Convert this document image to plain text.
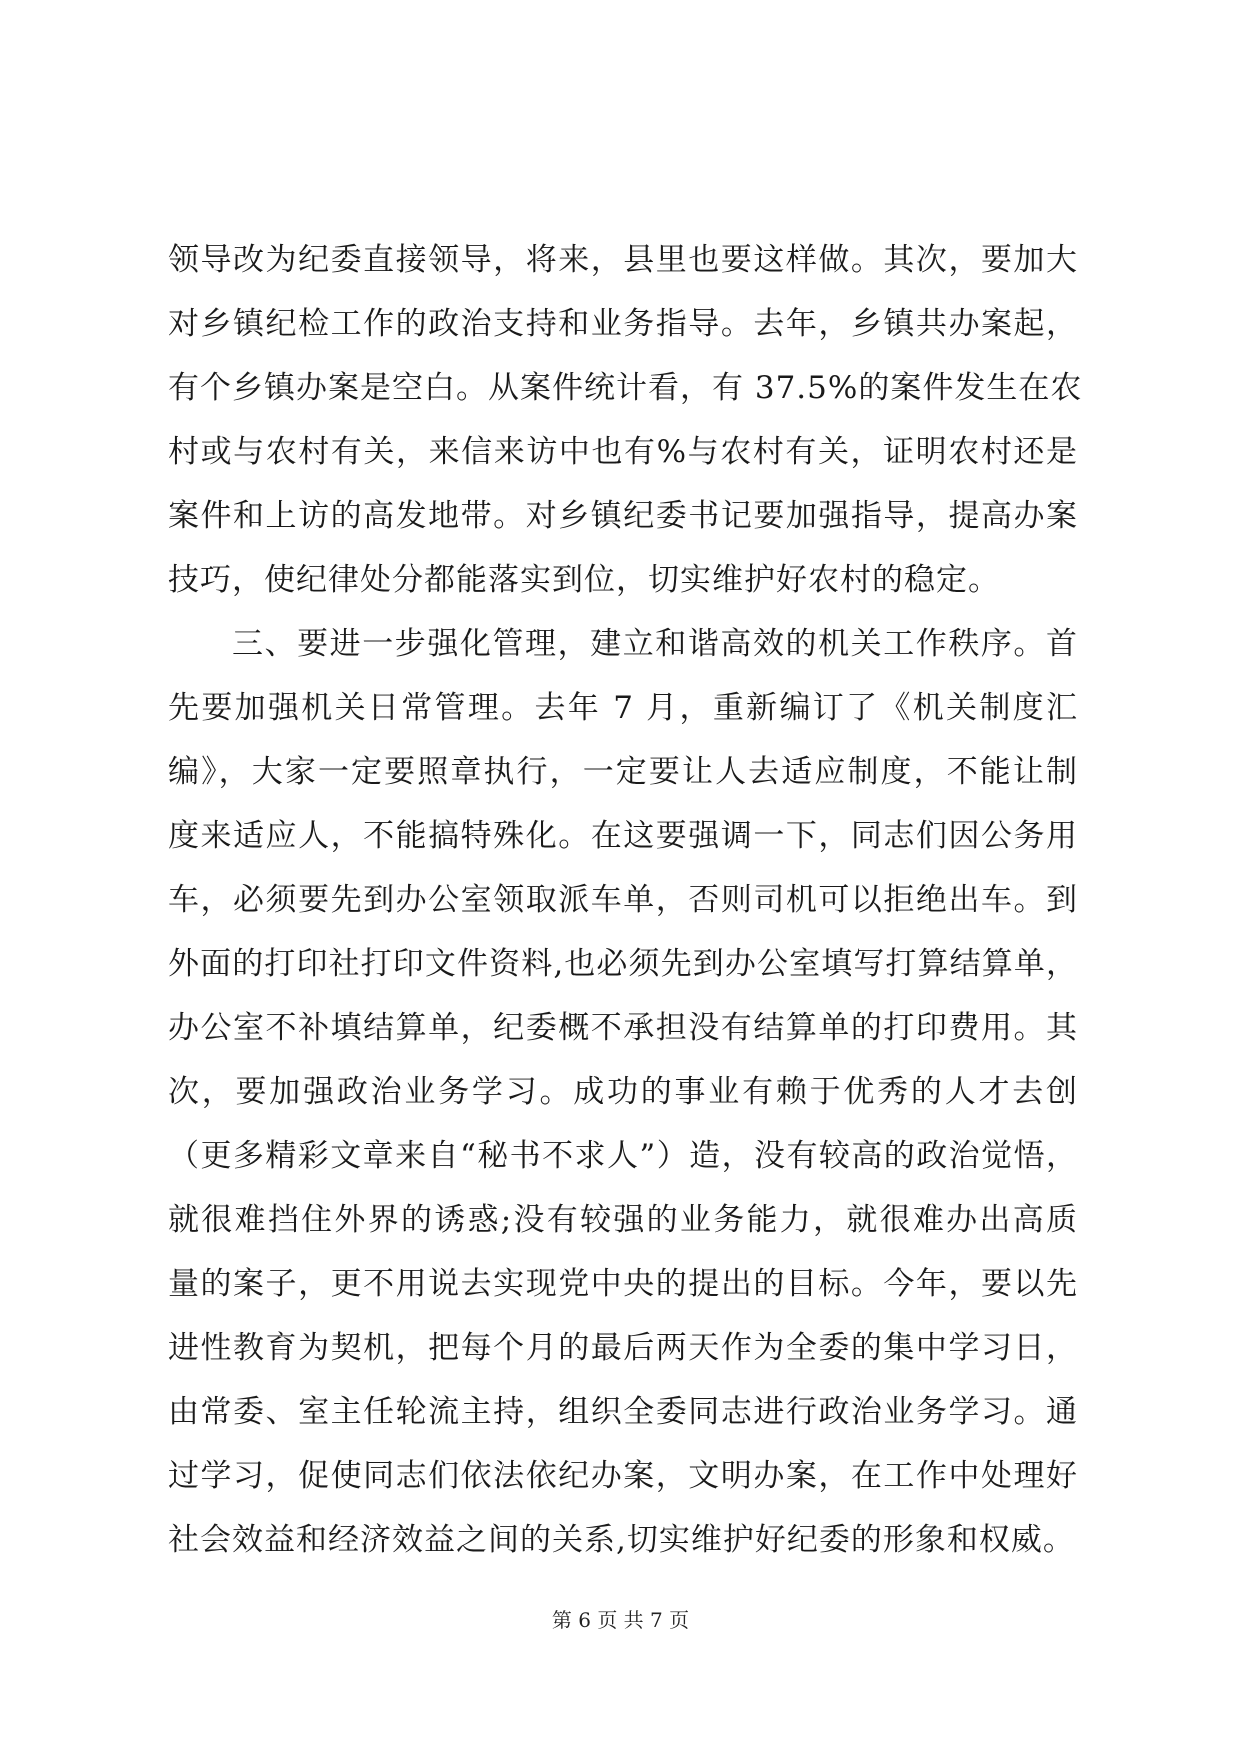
领导改为纪委直接领导，将来，县里也要这样做。其次，要加大
对乡镇纪检工作的政治支持和业务指导。去年，乡镇共办案起，
有个乡镇办案是空白。从案件统计看，有 37.5%的案件发生在农
村或与农村有关，来信来访中也有%与农村有关，证明农村还是
案件和上访的高发地带。对乡镇纪委书记要加强指导，提高办案
技巧，使纪律处分都能落实到位，切实维护好农村的稳定。
三、要进一步强化管理，建立和谐高效的机关工作秩序。首
先要加强机关日常管理。去年 7 月，重新编订了《机关制度汇
编》，大家一定要照章执行，一定要让人去适应制度，不能让制
度来适应人，不能搞特殊化。在这要强调一下，同志们因公务用
车，必须要先到办公室领取派车单，否则司机可以拒绝出车。到
外面的打印社打印文件资料,也必须先到办公室填写打算结算单，
办公室不补填结算单，纪委概不承担没有结算单的打印费用。其
次，要加强政治业务学习。成功的事业有赖于优秀的人才去创
（更多精彩文章来自“秘书不求人”）造，没有较高的政治觉悟，
就很难挡住外界的诱惑;没有较强的业务能力，就很难办出高质
量的案子，更不用说去实现党中央的提出的目标。今年，要以先
进性教育为契机，把每个月的最后两天作为全委的集中学习日，
由常委、室主任轮流主持，组织全委同志进行政治业务学习。通
过学习，促使同志们依法依纪办案，文明办案，在工作中处理好
社会效益和经济效益之间的关系,切实维护好纪委的形象和权威。
第 6 页 共 7 页
